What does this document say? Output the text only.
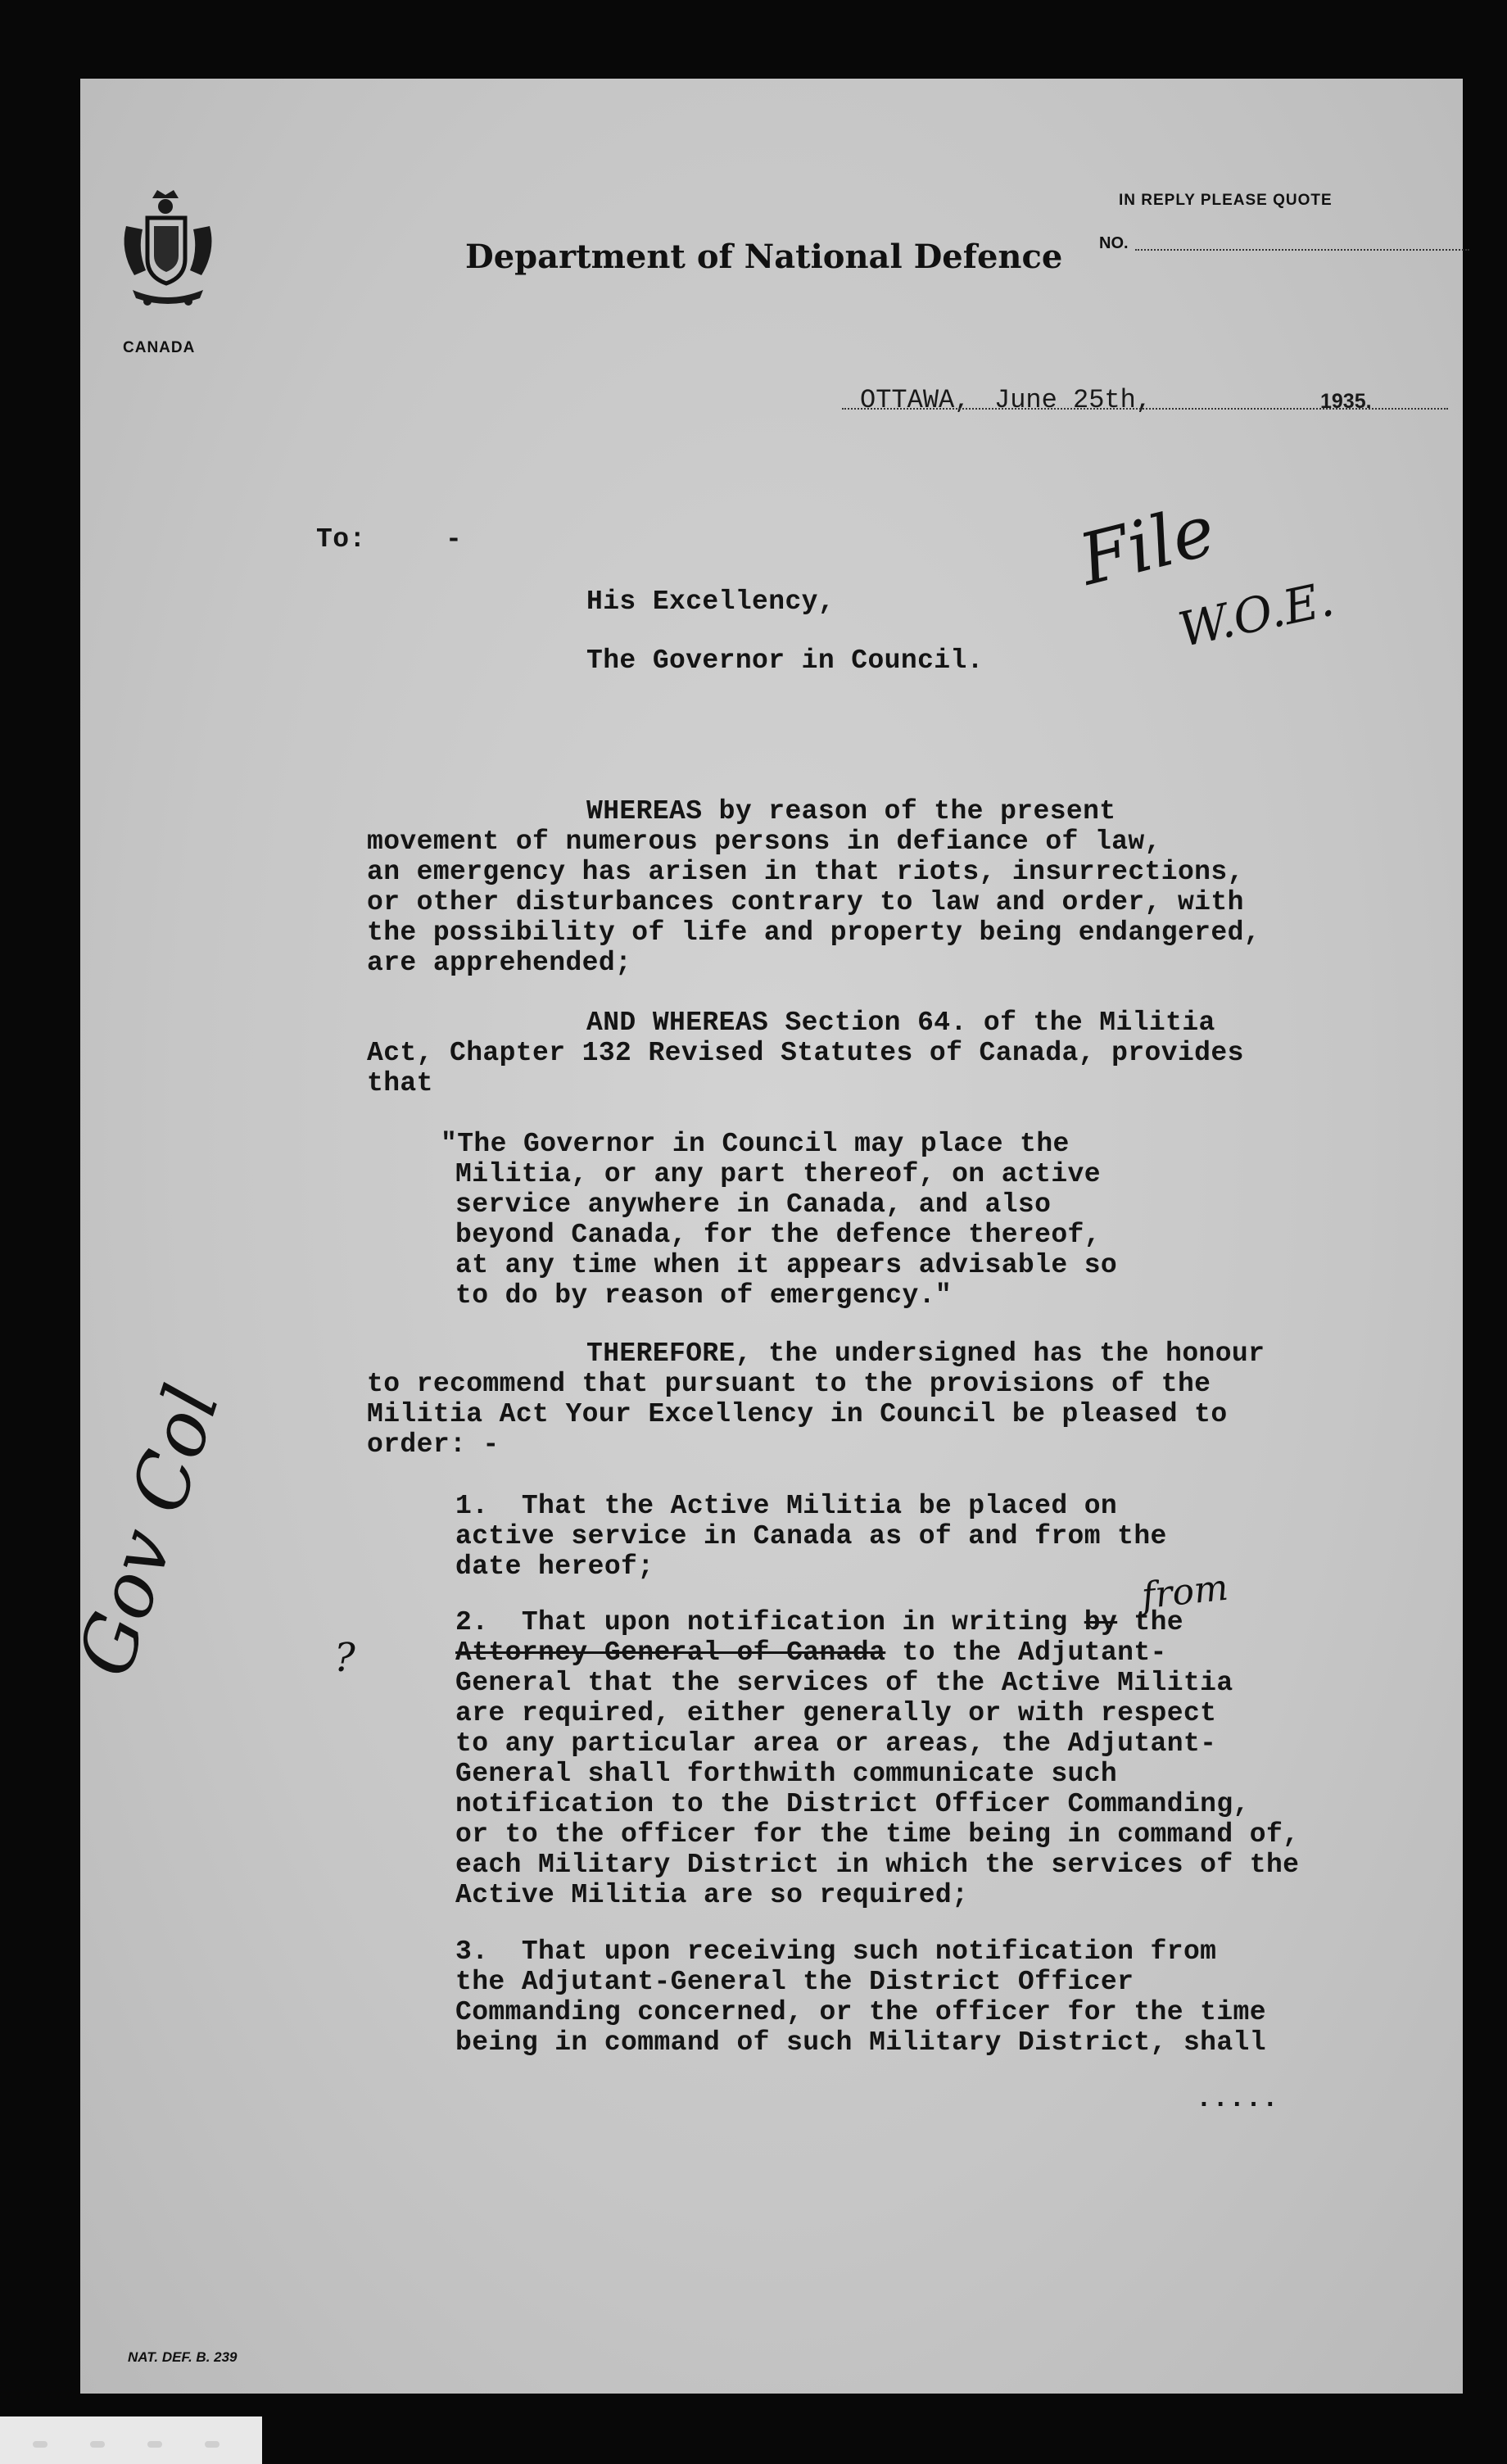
CANADA
Department of National Defence
IN REPLY PLEASE QUOTE
NO.
OTTAWA, June 25th,	1935.
To:	-
His Excellency,
The Governor in Council.
WHEREAS by reason of the present
movement of numerous persons in defiance of law,
an emergency has arisen in that riots, insurrections,
or other disturbances contrary to law and order, with
the possibility of life and property being endangered,
are apprehended;
AND WHEREAS Section 64. of the Militia
Act, Chapter 132 Revised Statutes of Canada, provides
that
"The Governor in Council may place the
Militia, or any part thereof, on active
service anywhere in Canada, and also
beyond Canada, for the defence thereof,
at any time when it appears advisable so
to do by reason of emergency."
THEREFORE, the undersigned has the honour
to recommend that pursuant to the provisions of the
Militia Act Your Excellency in Council be pleased to
order: -
1.  That the Active Militia be placed on
active service in Canada as of and from the
date hereof;
2.  That upon notification in writing by the
Attorney General of Canada to the Adjutant-
General that the services of the Active Militia
are required, either generally or with respect
to any particular area or areas, the Adjutant-
General shall forthwith communicate such
notification to the District Officer Commanding,
or to the officer for the time being in command of,
each Military District in which the services of the
Active Militia are so required;
3.  That upon receiving such notification from
the Adjutant-General the District Officer
Commanding concerned, or the officer for the time
being in command of such Military District, shall
.....
File
W.O.E.
from
Gov Col ?
NAT. DEF. B. 239
